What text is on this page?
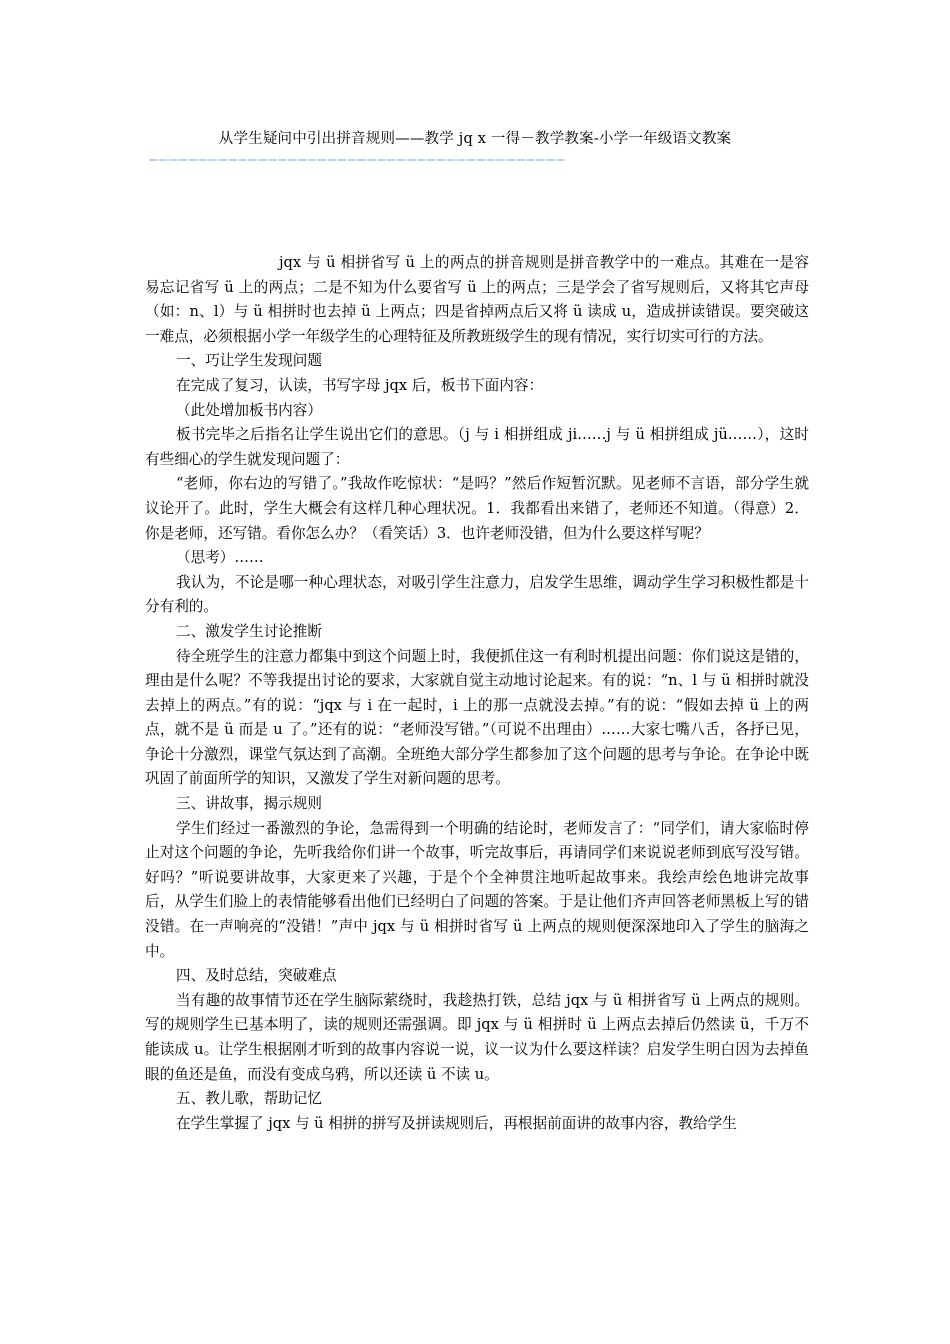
从学生疑问中引出拼音规则——教学 jq x 一得－教学教案-小学一年级语文教案
——————————————————————————————————————————

jqx 与 ü 相拼省写 ü 上的两点的拼音规则是拼音教学中的一难点。其难在一是容易忘记省写 ü 上的两点；二是不知为什么要省写 ü 上的两点；三是学会了省写规则后，又将其它声母（如：n、l）与 ü 相拼时也去掉 ü 上两点；四是省掉两点后又将 ü 读成 u，造成拼读错误。要突破这一难点，必须根据小学一年级学生的心理特征及所教班级学生的现有情况，实行切实可行的方法。

一、巧让学生发现问题

在完成了复习，认读，书写字母 jqx 后，板书下面内容：

（此处增加板书内容）

板书完毕之后指名让学生说出它们的意思。（j 与 i 相拼组成 ji……j 与 ü 相拼组成 jü……），这时有些细心的学生就发现问题了：

“老师，你右边的写错了。”我故作吃惊状：“是吗？”然后作短暂沉默。见老师不言语，部分学生就议论开了。此时，学生大概会有这样几种心理状况。1．我都看出来错了，老师还不知道。（得意）2．你是老师，还写错。看你怎么办？（看笑话）3．也许老师没错，但为什么要这样写呢？

（思考）……

我认为，不论是哪一种心理状态，对吸引学生注意力，启发学生思维，调动学生学习积极性都是十分有利的。

二、激发学生讨论推断

待全班学生的注意力都集中到这个问题上时，我便抓住这一有利时机提出问题：你们说这是错的，理由是什么呢？不等我提出讨论的要求，大家就自觉主动地讨论起来。有的说：“n、l 与 ü 相拼时就没去掉上的两点。”有的说：“jqx 与 i 在一起时，i 上的那一点就没去掉。”有的说：“假如去掉 ü 上的两点，就不是 ü 而是 u 了。”还有的说：“老师没写错。”（可说不出理由）……大家七嘴八舌，各抒已见，争论十分激烈，课堂气氛达到了高潮。全班绝大部分学生都参加了这个问题的思考与争论。在争论中既巩固了前面所学的知识，又激发了学生对新问题的思考。

三、讲故事，揭示规则

学生们经过一番激烈的争论，急需得到一个明确的结论时，老师发言了：“同学们，请大家临时停止对这个问题的争论，先听我给你们讲一个故事，听完故事后，再请同学们来说说老师到底写没写错。好吗？”听说要讲故事，大家更来了兴趣，于是个个全神贯注地听起故事来。我绘声绘色地讲完故事后，从学生们脸上的表情能够看出他们已经明白了问题的答案。于是让他们齐声回答老师黑板上写的错没错。在一声响亮的“没错！”声中 jqx 与 ü 相拼时省写 ü 上两点的规则便深深地印入了学生的脑海之中。

四、及时总结，突破难点

当有趣的故事情节还在学生脑际萦绕时，我趁热打铁，总结 jqx 与 ü 相拼省写 ü 上两点的规则。写的规则学生已基本明了，读的规则还需强调。即 jqx 与 ü 相拼时 ü 上两点去掉后仍然读 ü，千万不能读成 u。让学生根据刚才听到的故事内容说一说，议一议为什么要这样读？启发学生明白因为去掉鱼眼的鱼还是鱼，而没有变成乌鸦，所以还读 ü 不读 u。

五、教儿歌，帮助记忆

在学生掌握了 jqx 与 ü 相拼的拼写及拼读规则后，再根据前面讲的故事内容，教给学生
